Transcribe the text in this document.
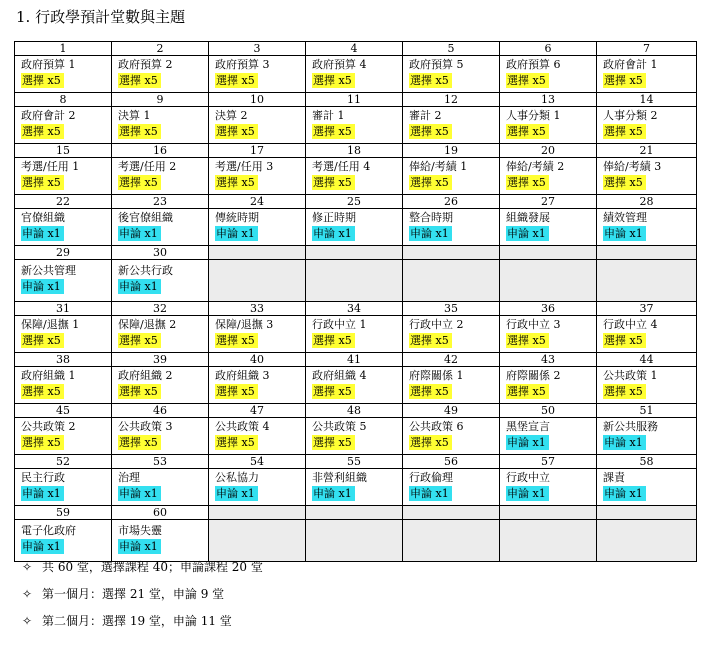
1. 行政學預計堂數與主題
1	2	3	4	5	6	7

政府預算 1
選擇 x5	政府預算 2
選擇 x5	政府預算 3
選擇 x5	政府預算 4
選擇 x5	政府預算 5
選擇 x5	政府預算 6
選擇 x5	政府會計 1
選擇 x5
8	9	10	11	12	13	14

政府會計 2
選擇 x5	決算 1
選擇 x5	決算 2
選擇 x5	審計 1
選擇 x5	審計 2
選擇 x5	人事分類 1
選擇 x5	人事分類 2
選擇 x5
15	16	17	18	19	20	21

考選/任用 1
選擇 x5	考選/任用 2
選擇 x5	考選/任用 3
選擇 x5	考選/任用 4
選擇 x5	俸給/考績 1
選擇 x5	俸給/考績 2
選擇 x5	俸給/考績 3
選擇 x5
22	23	24	25	26	27	28

官僚組織
申論 x1	後官僚組織
申論 x1	傳統時期
申論 x1	修正時期
申論 x1	整合時期
申論 x1	組織發展
申論 x1	績效管理
申論 x1
29	30					

新公共管理
申論 x1	新公共行政
申論 x1					
31	32	33	34	35	36	37

保障/退撫 1
選擇 x5	保障/退撫 2
選擇 x5	保障/退撫 3
選擇 x5	行政中立 1
選擇 x5	行政中立 2
選擇 x5	行政中立 3
選擇 x5	行政中立 4
選擇 x5
38	39	40	41	42	43	44

政府組織 1
選擇 x5	政府組織 2
選擇 x5	政府組織 3
選擇 x5	政府組織 4
選擇 x5	府際關係 1
選擇 x5	府際關係 2
選擇 x5	公共政策 1
選擇 x5
45	46	47	48	49	50	51

公共政策 2
選擇 x5	公共政策 3
選擇 x5	公共政策 4
選擇 x5	公共政策 5
選擇 x5	公共政策 6
選擇 x5	黑堡宣言
申論 x1	新公共服務
申論 x1
52	53	54	55	56	57	58

民主行政
申論 x1	治理
申論 x1	公私協力
申論 x1	非營利組織
申論 x1	行政倫理
申論 x1	行政中立
申論 x1	課責
申論 x1
59	60					

電子化政府
申論 x1	市場失靈
申論 x1					
✧ 共 60 堂，選擇課程 40；申論課程 20 堂
✧ 第一個月：選擇 21 堂，申論 9 堂
✧ 第二個月：選擇 19 堂，申論 11 堂
